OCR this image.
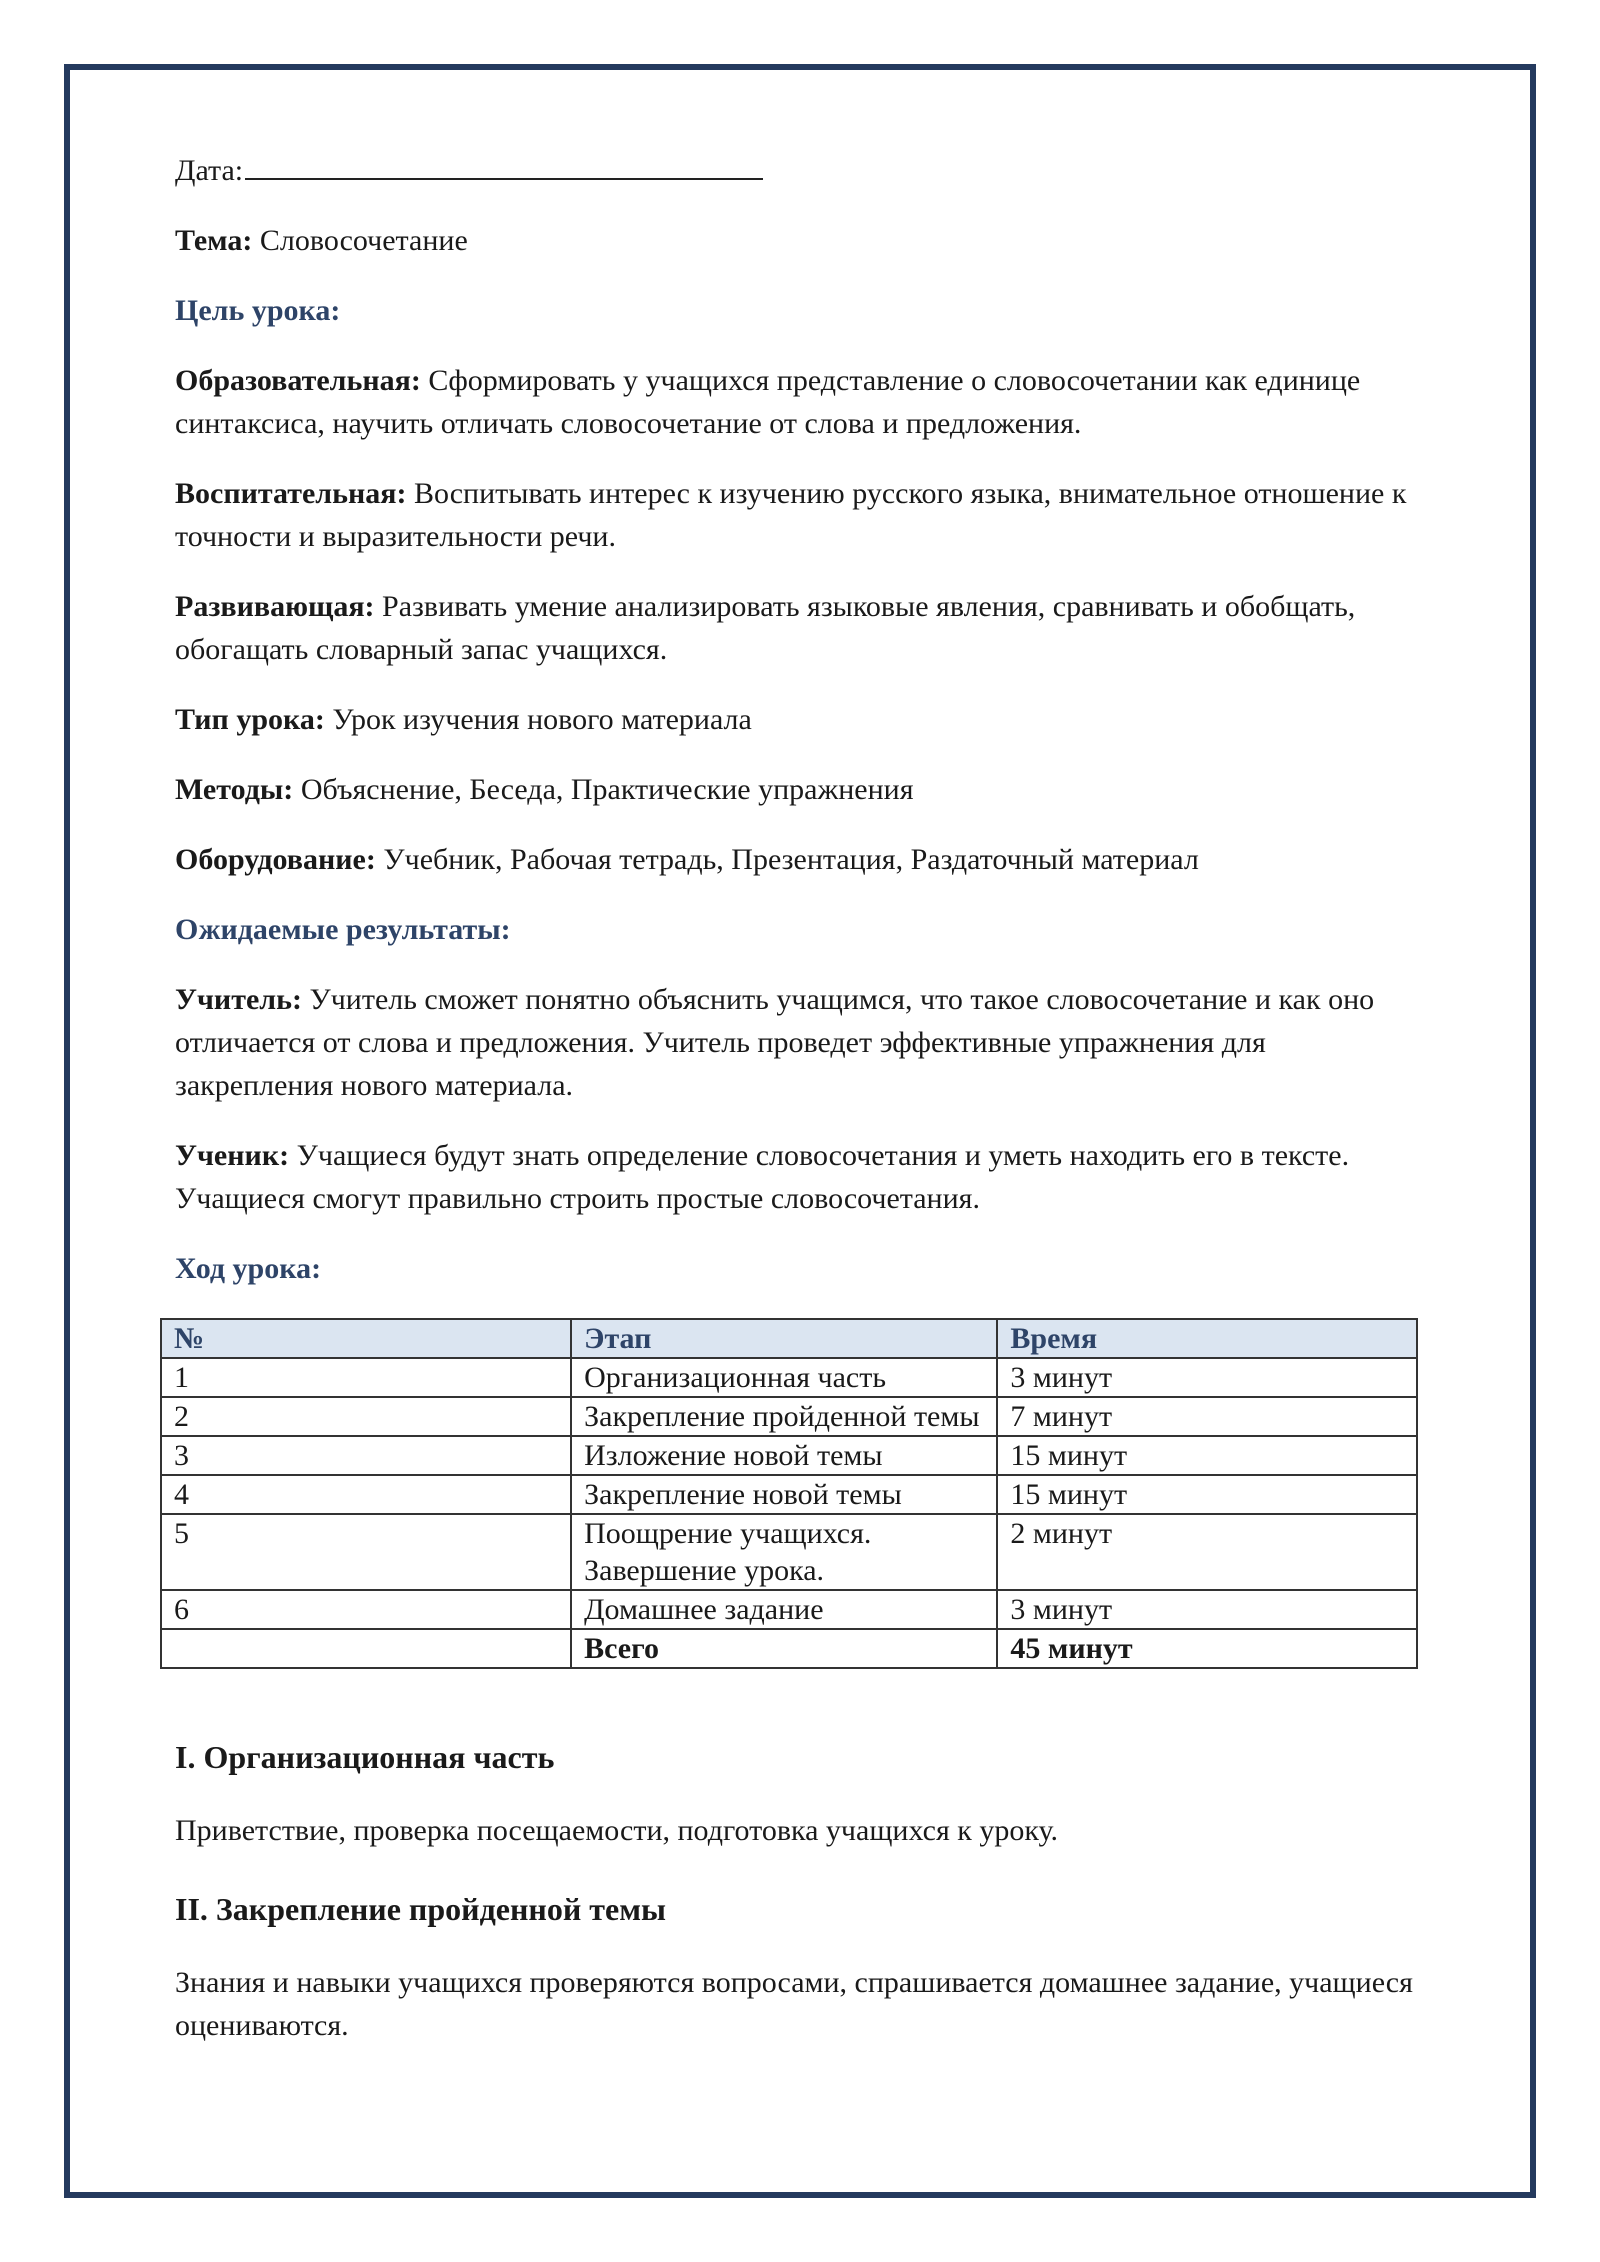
Дата:

Тема: Словосочетание

Цель урока:

Образовательная: Сформировать у учащихся представление о словосочетании как единице синтаксиса, научить отличать словосочетание от слова и предложения.

Воспитательная: Воспитывать интерес к изучению русского языка, внимательное отношение к точности и выразительности речи.

Развивающая: Развивать умение анализировать языковые явления, сравнивать и обобщать, обогащать словарный запас учащихся.

Тип урока: Урок изучения нового материала

Методы: Объяснение, Беседа, Практические упражнения

Оборудование: Учебник, Рабочая тетрадь, Презентация, Раздаточный материал

Ожидаемые результаты:

Учитель: Учитель сможет понятно объяснить учащимся, что такое словосочетание и как оно отличается от слова и предложения. Учитель проведет эффективные упражнения для закрепления нового материала.

Ученик: Учащиеся будут знать определение словосочетания и уметь находить его в тексте. Учащиеся смогут правильно строить простые словосочетания.

Ход урока:

№	Этап	Время
1	Организационная часть	3 минут
2	Закрепление пройденной темы	7 минут
3	Изложение новой темы	15 минут
4	Закрепление новой темы	15 минут
5	Поощрение учащихся. Завершение урока.	2 минут
6	Домашнее задание	3 минут
	Всего	45 минут

I. Организационная часть

Приветствие, проверка посещаемости, подготовка учащихся к уроку.

II. Закрепление пройденной темы

Знания и навыки учащихся проверяются вопросами, спрашивается домашнее задание, учащиеся оцениваются.
